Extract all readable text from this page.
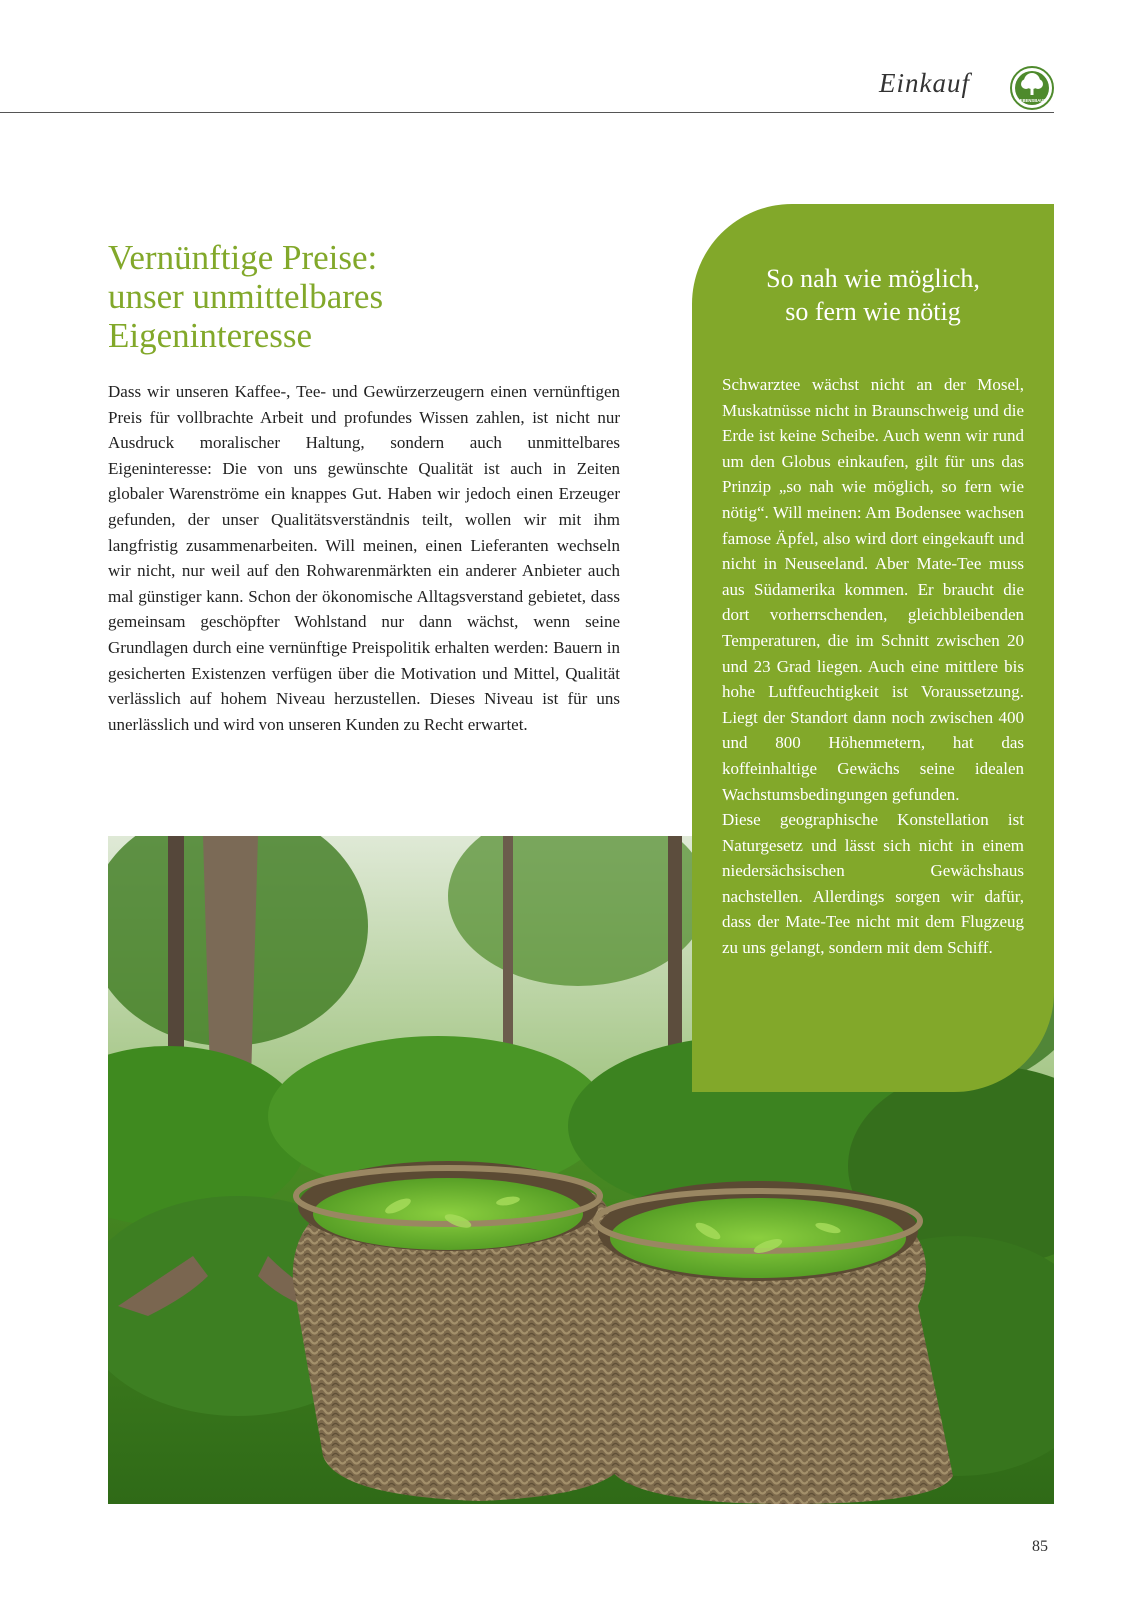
Einkauf
LEBENSBAUM
Vernünftige Preise:
unser unmittelbares
Eigeninteresse

Dass wir unseren Kaffee-, Tee- und Gewürzerzeugern einen vernünftigen Preis für vollbrachte Arbeit und profundes Wissen zahlen, ist nicht nur Ausdruck moralischer Haltung, sondern auch unmittelbares Eigeninteresse: Die von uns gewünschte Qualität ist auch in Zeiten globaler Warenströme ein knappes Gut. Haben wir jedoch einen Erzeuger gefunden, der unser Qualitätsverständnis teilt, wollen wir mit ihm langfristig zusammenarbeiten. Will meinen, einen Lieferanten wechseln wir nicht, nur weil auf den Rohwarenmärkten ein anderer Anbieter auch mal günstiger kann. Schon der ökonomische Alltagsverstand gebietet, dass gemeinsam geschöpfter Wohlstand nur dann wächst, wenn seine Grundlagen durch eine vernünftige Preispolitik erhalten werden: Bauern in gesicherten Existenzen verfügen über die Motivation und Mittel, Qualität verlässlich auf hohem Niveau herzustellen. Dieses Niveau ist für uns unerlässlich und wird von unseren Kunden zu Recht erwartet.

So nah wie möglich,
so fern wie nötig

Schwarztee wächst nicht an der Mosel, Muskatnüsse nicht in Braunschweig und die Erde ist keine Scheibe. Auch wenn wir rund um den Globus einkaufen, gilt für uns das Prinzip „so nah wie möglich, so fern wie nötig“. Will meinen: Am Bodensee wachsen famose Äpfel, also wird dort eingekauft und nicht in Neuseeland. Aber Mate-Tee muss aus Südamerika kommen. Er braucht die dort vorherrschenden, gleichbleibenden Temperaturen, die im Schnitt zwischen 20 und 23 Grad liegen. Auch eine mittlere bis hohe Luftfeuchtigkeit ist Voraussetzung. Liegt der Standort dann noch zwischen 400 und 800 Höhenmetern, hat das koffeinhaltige Gewächs seine idealen Wachstumsbedingungen gefunden.

Diese geographische Konstellation ist Naturgesetz und lässt sich nicht in einem niedersächsischen Gewächshaus nachstellen. Allerdings sorgen wir dafür, dass der Mate-Tee nicht mit dem Flugzeug zu uns gelangt, sondern mit dem Schiff.

85
